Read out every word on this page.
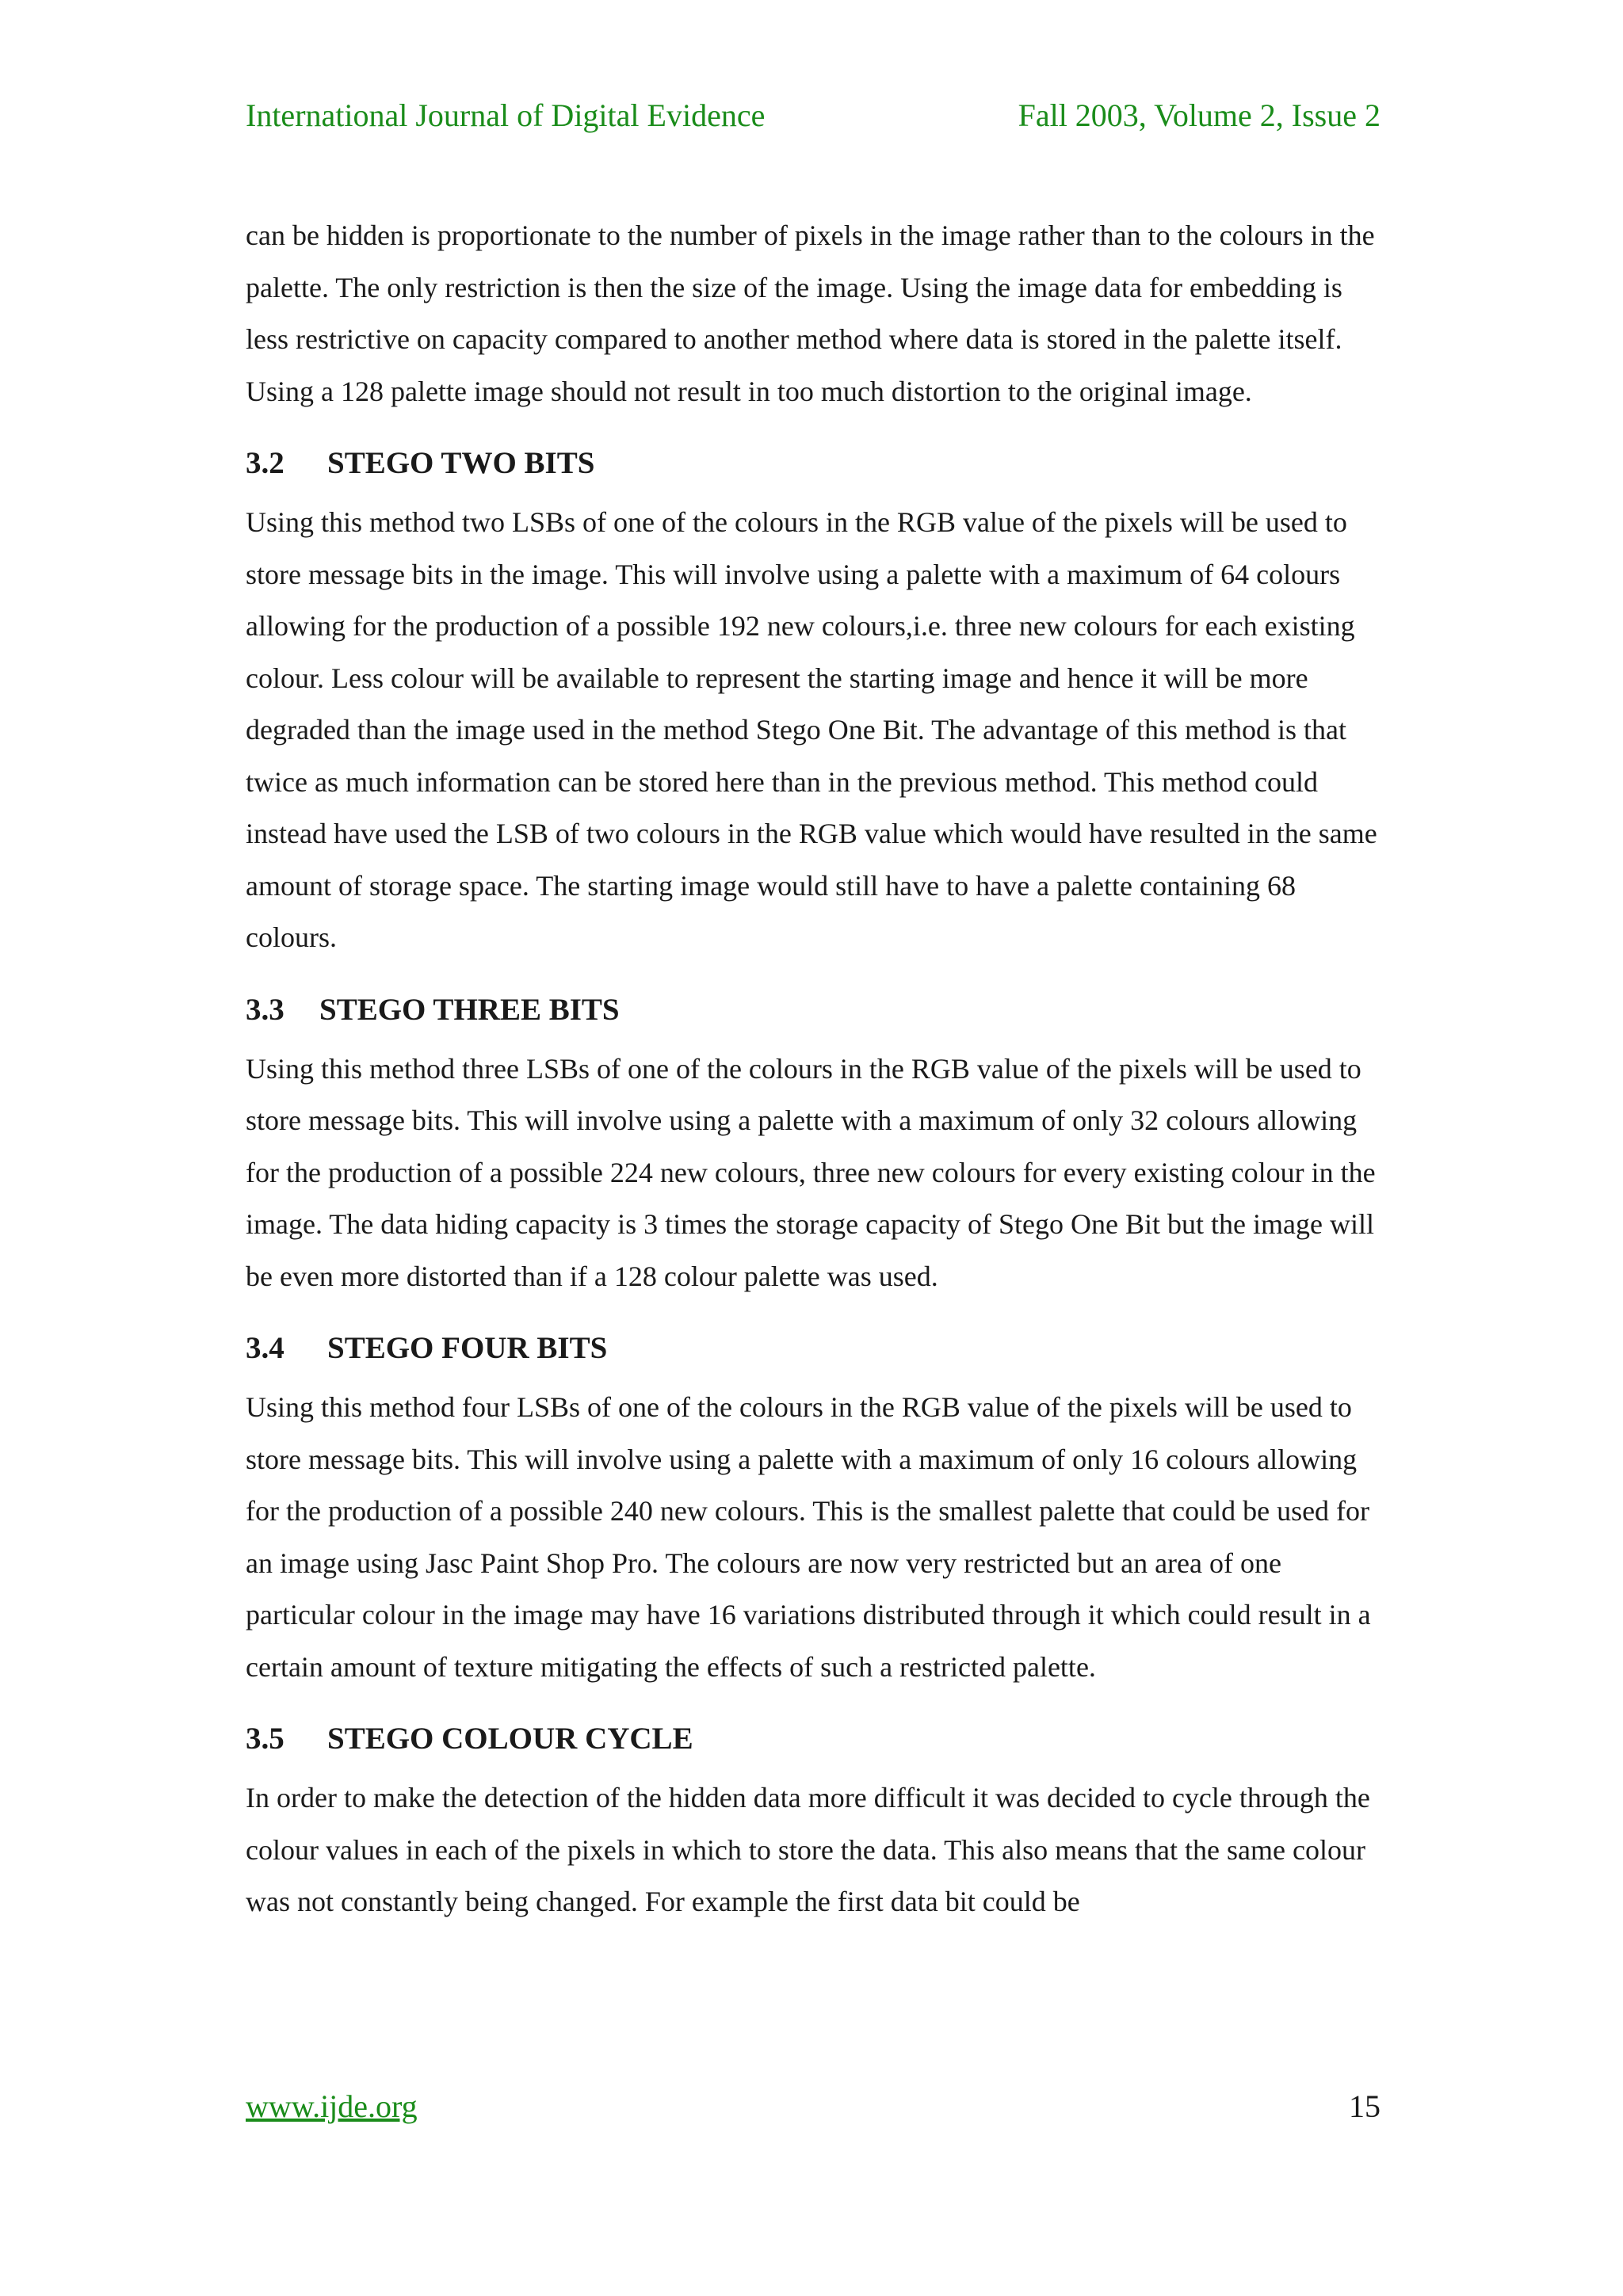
International Journal of Digital Evidence	Fall 2003, Volume 2, Issue 2

can be hidden is proportionate to the number of pixels in the image rather than to the colours in the palette. The only restriction is then the size of the image. Using the image data for embedding is less restrictive on capacity compared to another method where data is stored in the palette itself. Using a 128 palette image should not result in too much distortion to the original image.

3.2 STEGO TWO BITS

Using this method two LSBs of one of the colours in the RGB value of the pixels will be used to store message bits in the image. This will involve using a palette with a maximum of 64 colours allowing for the production of a possible 192 new colours,i.e. three new colours for each existing colour. Less colour will be available to represent the starting image and hence it will be more degraded than the image used in the method Stego One Bit. The advantage of this method is that twice as much information can be stored here than in the previous method. This method could instead have used the LSB of two colours in the RGB value which would have resulted in the same amount of storage space. The starting image would still have to have a palette containing 68 colours.

3.3 STEGO THREE BITS

Using this method three LSBs of one of the colours in the RGB value of the pixels will be used to store message bits. This will involve using a palette with a maximum of only 32 colours allowing for the production of a possible 224 new colours, three new colours for every existing colour in the image. The data hiding capacity is 3 times the storage capacity of Stego One Bit but the image will be even more distorted than if a 128 colour palette was used.

3.4 STEGO FOUR BITS

Using this method four LSBs of one of the colours in the RGB value of the pixels will be used to store message bits. This will involve using a palette with a maximum of only 16 colours allowing for the production of a possible 240 new colours. This is the smallest palette that could be used for an image using Jasc Paint Shop Pro. The colours are now very restricted but an area of one particular colour in the image may have 16 variations distributed through it which could result in a certain amount of texture mitigating the effects of such a restricted palette.

3.5 STEGO COLOUR CYCLE

In order to make the detection of the hidden data more difficult it was decided to cycle through the colour values in each of the pixels in which to store the data. This also means that the same colour was not constantly being changed. For example the first data bit could be

www.ijde.org	15
